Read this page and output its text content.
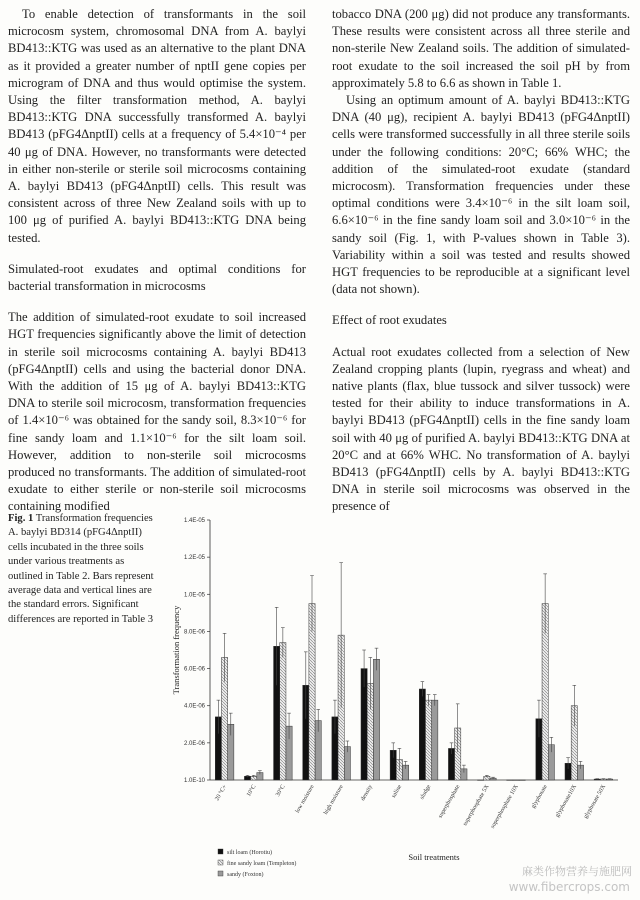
To enable detection of transformants in the soil microcosm system, chromosomal DNA from A. baylyi BD413::KTG was used as an alternative to the plant DNA as it provided a greater number of nptII gene copies per microgram of DNA and thus would optimise the system. Using the filter transformation method, A. baylyi BD413::KTG DNA successfully transformed A. baylyi BD413 (pFG4ΔnptII) cells at a frequency of 5.4×10⁻⁴ per 40 μg of DNA. However, no transformants were detected in either non-sterile or sterile soil microcosms containing A. baylyi BD413 (pFG4ΔnptII) cells. This result was consistent across of three New Zealand soils with up to 100 μg of purified A. baylyi BD413::KTG DNA being tested.

Simulated-root exudates and optimal conditions for bacterial transformation in microcosms

The addition of simulated-root exudate to soil increased HGT frequencies significantly above the limit of detection in sterile soil microcosms containing A. baylyi BD413 (pFG4ΔnptII) cells and using the bacterial donor DNA. With the addition of 15 μg of A. baylyi BD413::KTG DNA to sterile soil microcosm, transformation frequencies of 1.4×10⁻⁶ was obtained for the sandy soil, 8.3×10⁻⁶ for fine sandy loam and 1.1×10⁻⁶ for the silt loam soil. However, addition to non-sterile soil microcosms produced no transformants. The addition of simulated-root exudate to either sterile or non-sterile soil microcosms containing modified

tobacco DNA (200 μg) did not produce any transformants. These results were consistent across all three sterile and non-sterile New Zealand soils. The addition of simulated-root exudate to the soil increased the soil pH by from approximately 5.8 to 6.6 as shown in Table 1.

Using an optimum amount of A. baylyi BD413::KTG DNA (40 μg), recipient A. baylyi BD413 (pFG4ΔnptII) cells were transformed successfully in all three sterile soils under the following conditions: 20°C; 66% WHC; the addition of the simulated-root exudate (standard microcosm). Transformation frequencies under these optimal conditions were 3.4×10⁻⁶ in the silt loam soil, 6.6×10⁻⁶ in the fine sandy loam soil and 3.0×10⁻⁶ in the sandy soil (Fig. 1, with P-values shown in Table 3). Variability within a soil was tested and results showed HGT frequencies to be reproducible at a significant level (data not shown).

Effect of root exudates

Actual root exudates collected from a selection of New Zealand cropping plants (lupin, ryegrass and wheat) and native plants (flax, blue tussock and silver tussock) were tested for their ability to induce transformations in A. baylyi BD413 (pFG4ΔnptII) cells in the fine sandy loam soil with 40 μg of purified A. baylyi BD413::KTG DNA at 20°C and at 66% WHC. No transformation of A. baylyi BD413 (pFG4ΔnptII) cells by A. baylyi BD413::KTG DNA in sterile soil microcosms was observed in the presence of

Fig. 1 Transformation frequencies A. baylyi BD314 (pFG4ΔnptII) cells incubated in the three soils under various treatments as outlined in Table 2. Bars represent average data and vertical lines are the standard errors. Significant differences are reported in Table 3
1.0E-10
2.0E-06
4.0E-06
6.0E-06
8.0E-06
1.0E-05
1.2E-05
1.4E-05
Transformation frequency
20 °C+	10°C	30°C low moisture high moisture	density	saline	sludge superphosphate superphosphate 5X superphosphate 10X glyphosate glyphosate10X glyphosate 50X
Soil treatments
silt loam (Horotiu)
fine sandy loam (Templeton)
sandy (Foxton)	麻类作物营养与施肥网
www.fibercrops.com
